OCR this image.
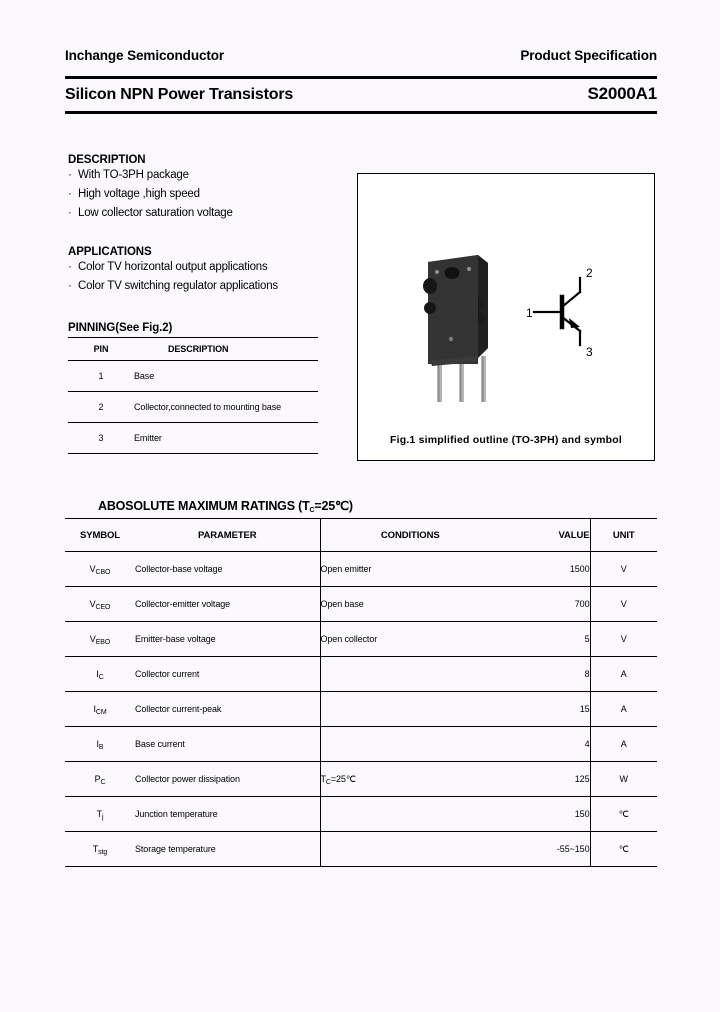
Inchange Semiconductor	Product Specification
Silicon NPN Power Transistors	S2000A1
DESCRIPTION
· With TO-3PH package
· High voltage ,high speed
· Low collector saturation voltage
APPLICATIONS
· Color TV horizontal output applications
· Color TV switching regulator applications
PINNING(See Fig.2)
PIN	DESCRIPTION
1	Base
2	Collector,connected to mounting base
3	Emitter
2
1
3
Fig.1 simplified outline (TO-3PH) and symbol
ABOSOLUTE MAXIMUM RATINGS $(T_C=25℃)$
SYMBOL	PARAMETER	CONDITIONS	VALUE	UNIT
$V_{CBO}$	Collector-base voltage	Open emitter	1500	V
$V_{CEO}$	Collector-emitter voltage	Open base	700	V
$V_{EBO}$	Emitter-base voltage	Open collector	5	V
$I_C$	Collector current		8	A
$I_{CM}$	Collector current-peak		15	A
$I_B$	Base current		4	A
$P_C$	Collector power dissipation	$T_C=25℃$	125	W
$T_j$	Junction temperature		150	℃
$T_{stg}$	Storage temperature		-55~150	℃
